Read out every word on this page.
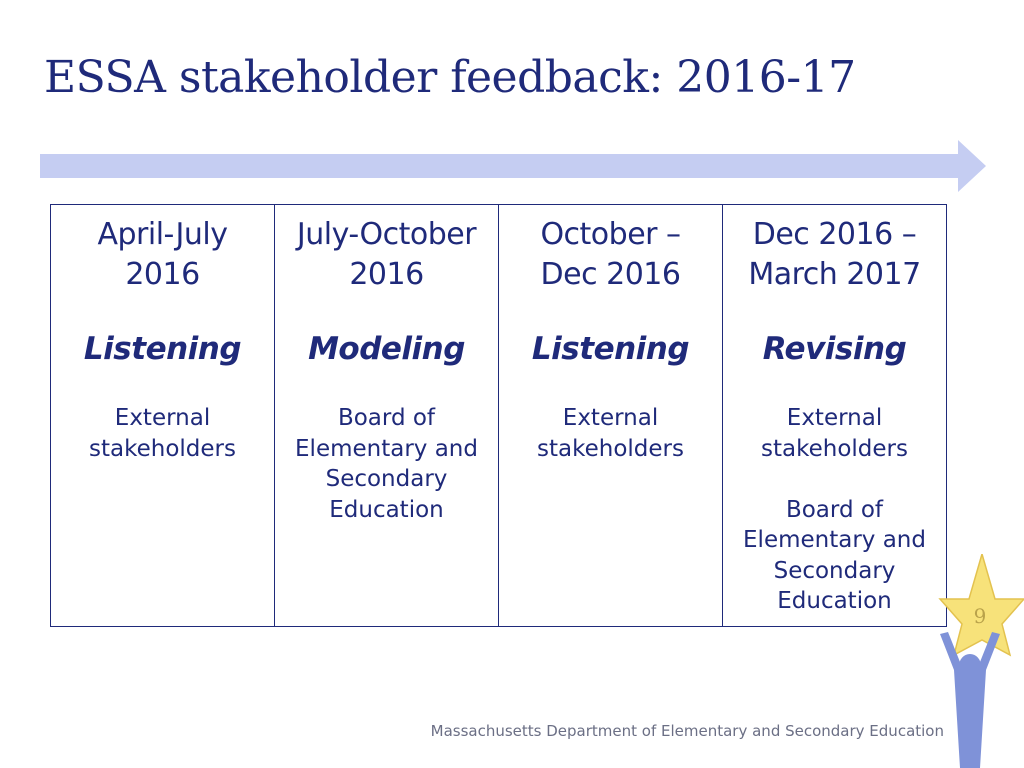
ESSA stakeholder feedback: 2016-17
April-July
2016
Listening
External
stakeholders

July-October
2016
Modeling
Board of
Elementary and
Secondary
Education

October –
Dec 2016
Listening
External
stakeholders

Dec 2016 –
March 2017
Revising
External
stakeholders

Board of
Elementary and
Secondary
Education
9
Massachusetts Department of Elementary and Secondary Education
